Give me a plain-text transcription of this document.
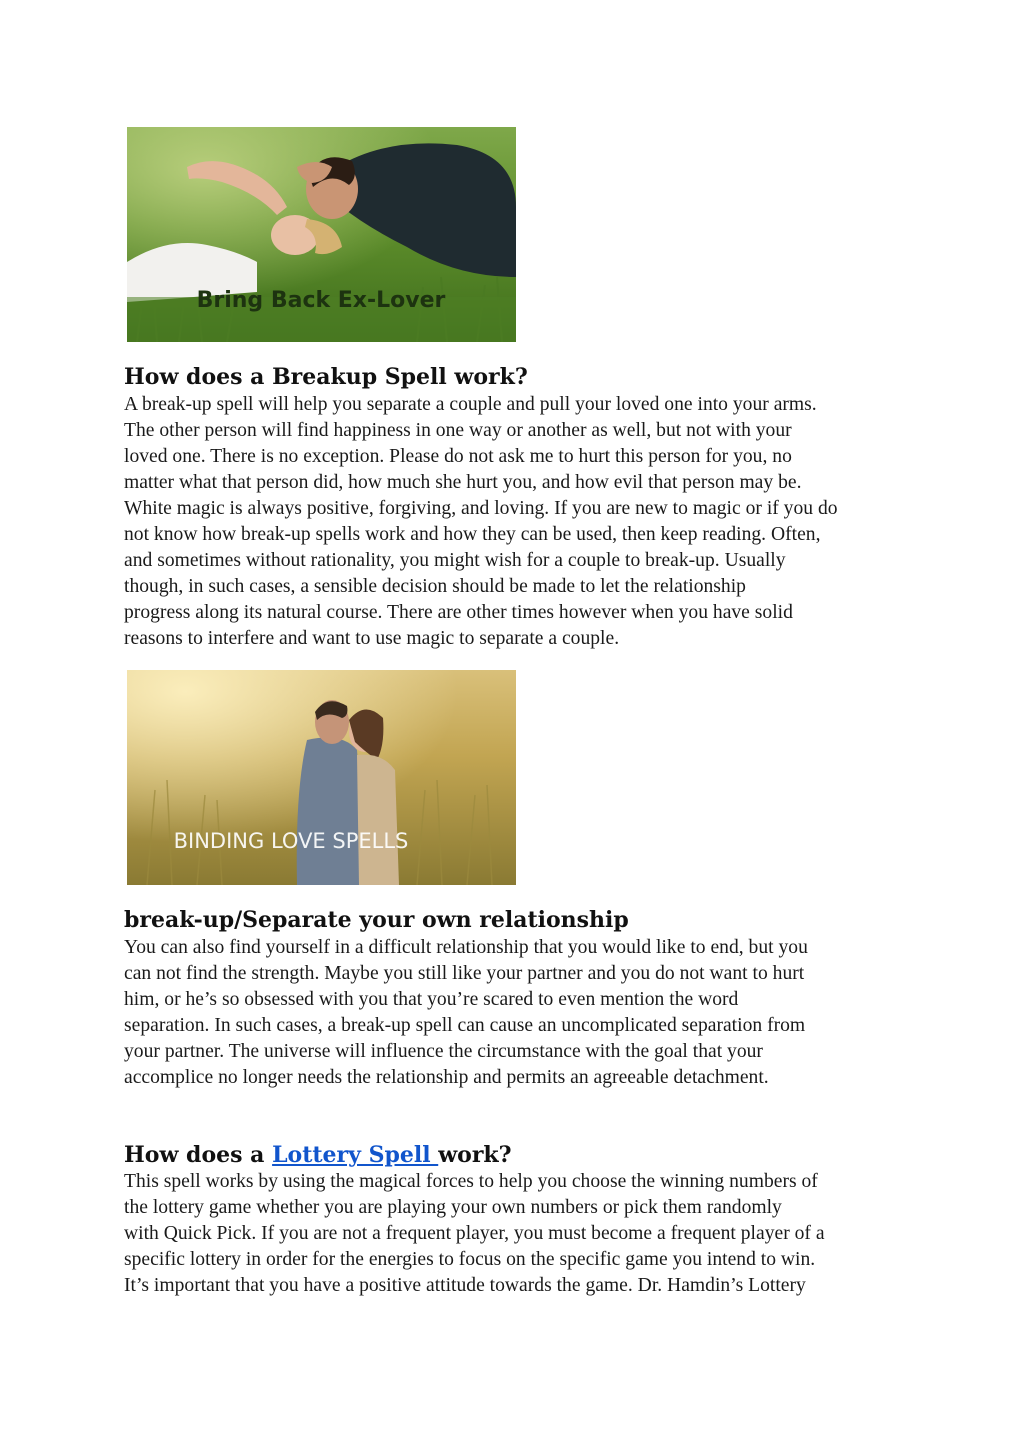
Bring Back Ex-Lover
How does a Breakup Spell work?
A break-up spell will help you separate a couple and pull your loved one into your arms.
The other person will find happiness in one way or another as well, but not with your
loved one. There is no exception. Please do not ask me to hurt this person for you, no
matter what that person did, how much she hurt you, and how evil that person may be.
White magic is always positive, forgiving, and loving. If you are new to magic or if you do
not know how break-up spells work and how they can be used, then keep reading. Often,
and sometimes without rationality, you might wish for a couple to break-up. Usually
though, in such cases, a sensible decision should be made to let the relationship
progress along its natural course. There are other times however when you have solid
reasons to interfere and want to use magic to separate a couple.
BINDING LOVE SPELLS
break-up/Separate your own relationship
You can also find yourself in a difficult relationship that you would like to end, but you
can not find the strength. Maybe you still like your partner and you do not want to hurt
him, or he’s so obsessed with you that you’re scared to even mention the word
separation. In such cases, a break-up spell can cause an uncomplicated separation from
your partner. The universe will influence the circumstance with the goal that your
accomplice no longer needs the relationship and permits an agreeable detachment.
How does a Lottery Spell work?
This spell works by using the magical forces to help you choose the winning numbers of
the lottery game whether you are playing your own numbers or pick them randomly
with Quick Pick. If you are not a frequent player, you must become a frequent player of a
specific lottery in order for the energies to focus on the specific game you intend to win.
It’s important that you have a positive attitude towards the game. Dr. Hamdin’s Lottery
